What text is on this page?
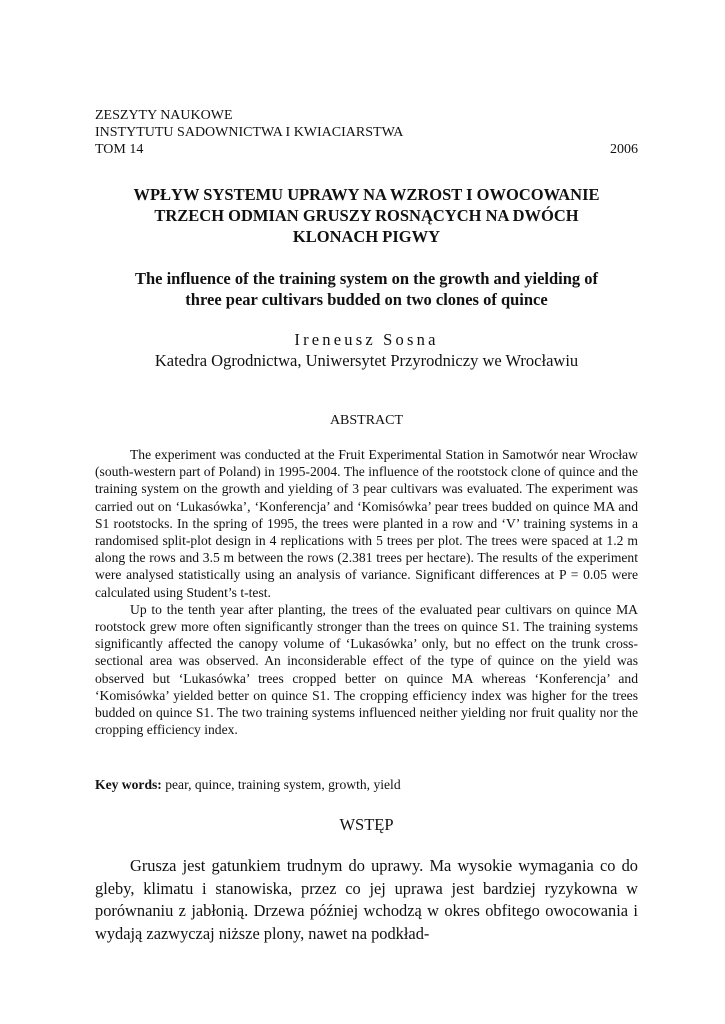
ZESZYTY NAUKOWE
INSTYTUTU SADOWNICTWA I KWIACIARSTWA
TOM 14	2006
WPŁYW SYSTEMU UPRAWY NA WZROST I OWOCOWANIE
TRZECH ODMIAN GRUSZY ROSNĄCYCH NA DWÓCH
KLONACH PIGWY
The influence of the training system on the growth and yielding of
three pear cultivars budded on two clones of quince
Ireneusz Sosna
Katedra Ogrodnictwa, Uniwersytet Przyrodniczy we Wrocławiu
ABSTRACT

The experiment was conducted at the Fruit Experimental Station in Samotwór near Wrocław (south-western part of Poland) in 1995-2004. The influence of the rootstock clone of quince and the training system on the growth and yielding of 3 pear cultivars was evaluated. The experiment was carried out on ‘Lukasówka’, ‘Konferencja’ and ‘Komisówka’ pear trees budded on quince MA and S1 rootstocks. In the spring of 1995, the trees were planted in a row and ‘V’ training systems in a randomised split-plot design in 4 replications with 5 trees per plot. The trees were spaced at 1.2 m along the rows and 3.5 m between the rows (2.381 trees per hectare). The results of the experiment were analysed statistically using an analysis of variance. Significant differences at P = 0.05 were calculated using Student’s t-test.

Up to the tenth year after planting, the trees of the evaluated pear cultivars on quince MA rootstock grew more often significantly stronger than the trees on quince S1. The training systems significantly affected the canopy volume of ‘Lukasówka’ only, but no effect on the trunk cross-sectional area was observed. An inconsiderable effect of the type of quince on the yield was observed but ‘Lukasówka’ trees cropped better on quince MA whereas ‘Konferencja’ and ‘Komisówka’ yielded better on quince S1. The cropping efficiency index was higher for the trees budded on quince S1. The two training systems influenced neither yielding nor fruit quality nor the cropping efficiency index.

Key words: pear, quince, training system, growth, yield
WSTĘP

Grusza jest gatunkiem trudnym do uprawy. Ma wysokie wymagania co do gleby, klimatu i stanowiska, przez co jej uprawa jest bardziej ryzykowna w porównaniu z jabłonią. Drzewa później wchodzą w okres obfitego owocowania i wydają zazwyczaj niższe plony, nawet na podkład-
